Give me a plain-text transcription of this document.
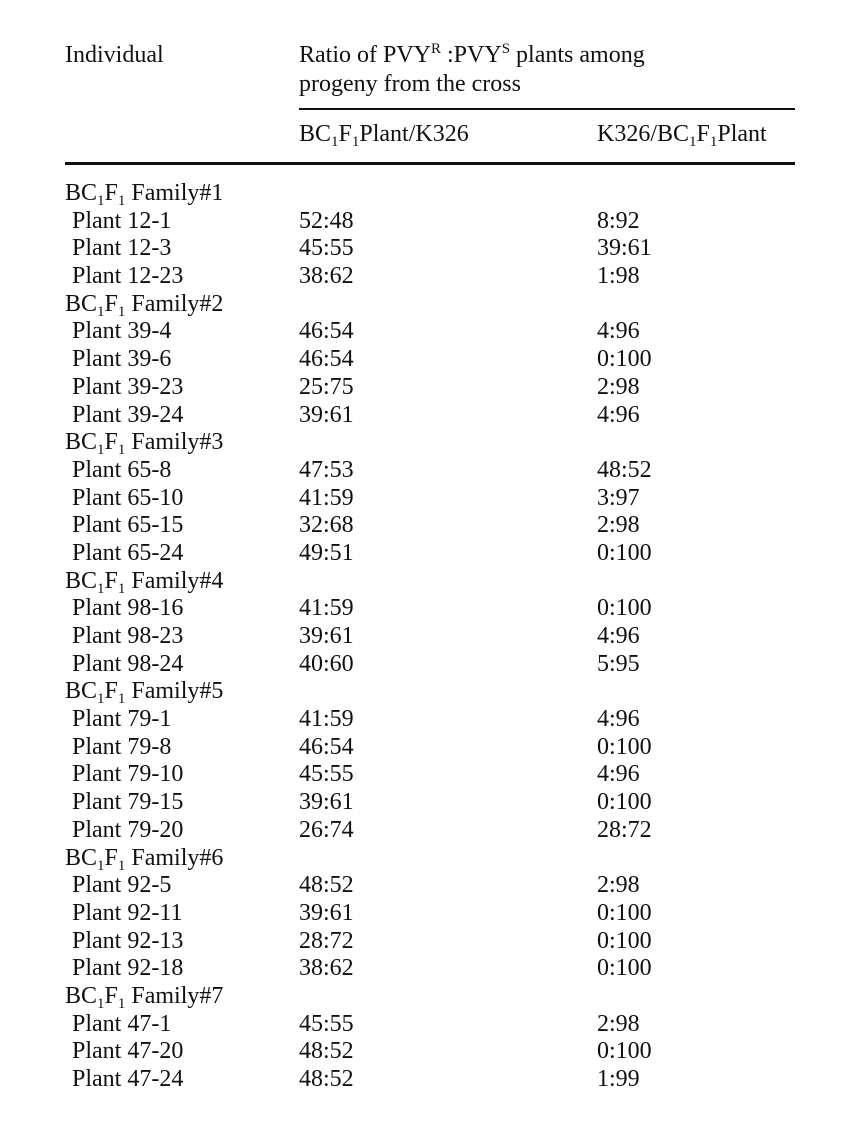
Individual	Ratio of $PVY^R$ $:PVY^S$ plants among
progeny from the cross
$BC_1F_1Plant/K326$	$K326/BC_1F_1Plant$
$BC_1F_1$ Family#1
Plant 12-1	52:48	8:92
Plant 12-3	45:55	39:61
Plant 12-23	38:62	1:98
$BC_1F_1$ Family#2
Plant 39-4	46:54	4:96
Plant 39-6	46:54	0:100
Plant 39-23	25:75	2:98
Plant 39-24	39:61	4:96
$BC_1F_1$ Family#3
Plant 65-8	47:53	48:52
Plant 65-10	41:59	3:97
Plant 65-15	32:68	2:98
Plant 65-24	49:51	0:100
$BC_1F_1$ Family#4
Plant 98-16	41:59	0:100
Plant 98-23	39:61	4:96
Plant 98-24	40:60	5:95
$BC_1F_1$ Family#5
Plant 79-1	41:59	4:96
Plant 79-8	46:54	0:100
Plant 79-10	45:55	4:96
Plant 79-15	39:61	0:100
Plant 79-20	26:74	28:72
$BC_1F_1$ Family#6
Plant 92-5	48:52	2:98
Plant 92-11	39:61	0:100
Plant 92-13	28:72	0:100
Plant 92-18	38:62	0:100
$BC_1F_1$ Family#7
Plant 47-1	45:55	2:98
Plant 47-20	48:52	0:100
Plant 47-24	48:52	1:99
